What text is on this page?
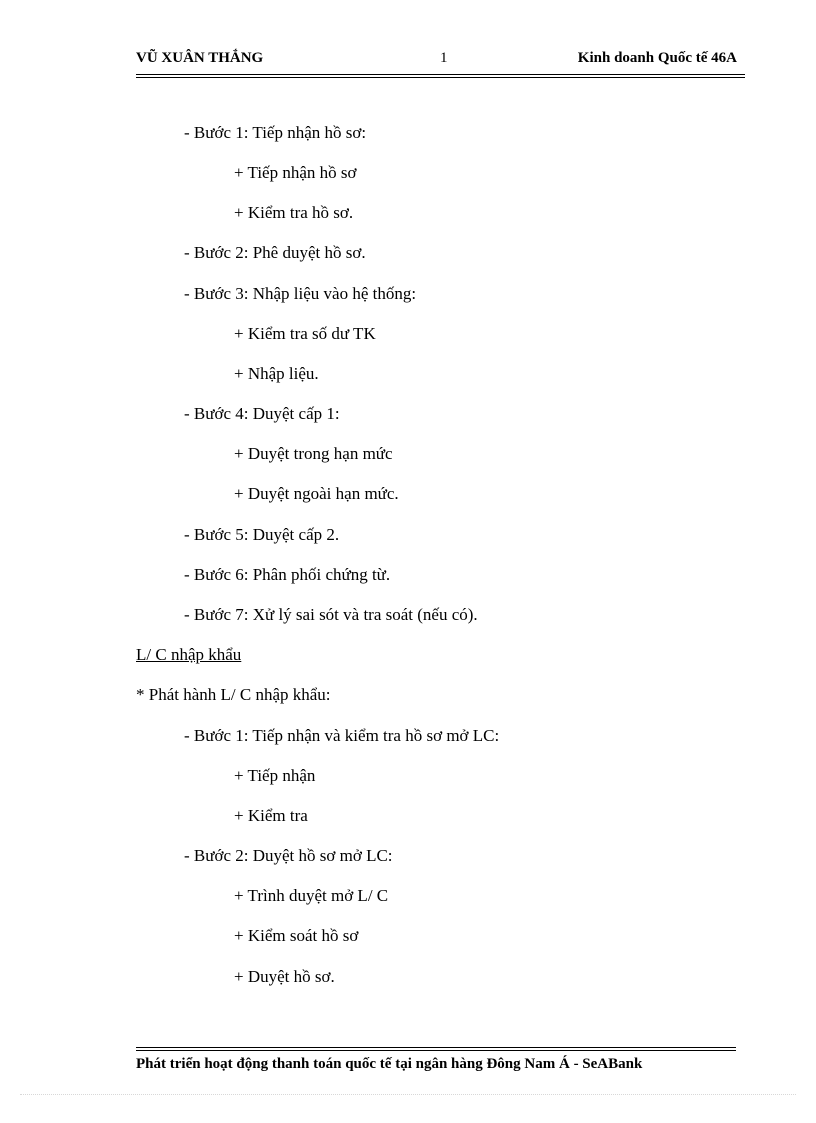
VŨ XUÂN THẮNG	1	Kinh doanh Quốc tế 46A
- Bước 1: Tiếp nhận hồ sơ:
+ Tiếp nhận hồ sơ
+ Kiểm tra hồ sơ.
- Bước 2: Phê duyệt hồ sơ.
- Bước 3: Nhập liệu vào hệ thống:
+ Kiểm tra số dư TK
+ Nhập liệu.
- Bước 4: Duyệt cấp 1:
+ Duyệt trong hạn mức
+ Duyệt ngoài hạn mức.
- Bước 5: Duyệt cấp 2.
- Bước 6: Phân phối chứng từ.
- Bước 7: Xử lý sai sót và tra soát (nếu có).
L/ C nhập khẩu
* Phát hành L/ C nhập khẩu:
- Bước 1: Tiếp nhận và kiểm tra hồ sơ mở LC:
+ Tiếp nhận
+ Kiểm tra
- Bước 2: Duyệt hồ sơ mở LC:
+ Trình duyệt mở L/ C
+ Kiểm soát hồ sơ
+ Duyệt hồ sơ.
Phát triển hoạt động thanh toán quốc tế tại ngân hàng Đông Nam Á - SeABank
